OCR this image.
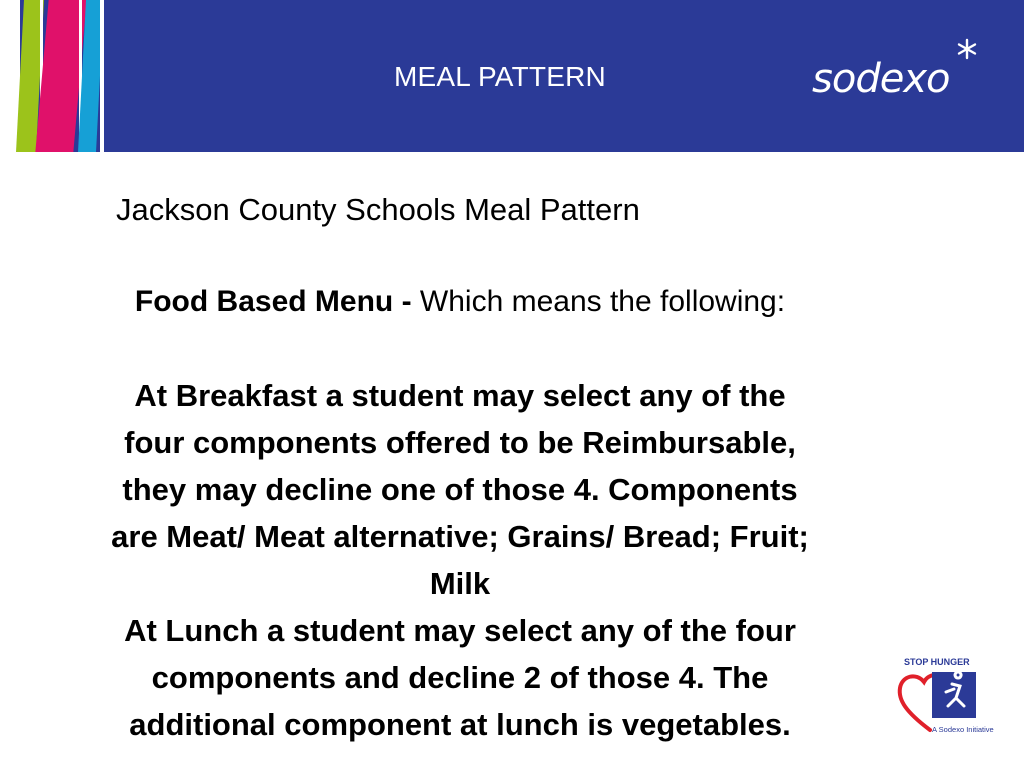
MEAL PATTERN	sodexo
Jackson County Schools Meal Pattern
Food Based Menu - Which means the following:
At Breakfast a student may select any of the
four components offered to be Reimbursable,
they may decline one of those 4. Components
are Meat/ Meat alternative; Grains/ Bread; Fruit;
Milk
At Lunch a student may select any of the four
components and decline 2 of those 4. The
additional component at lunch is vegetables.
STOP HUNGER
A Sodexo Initiative
